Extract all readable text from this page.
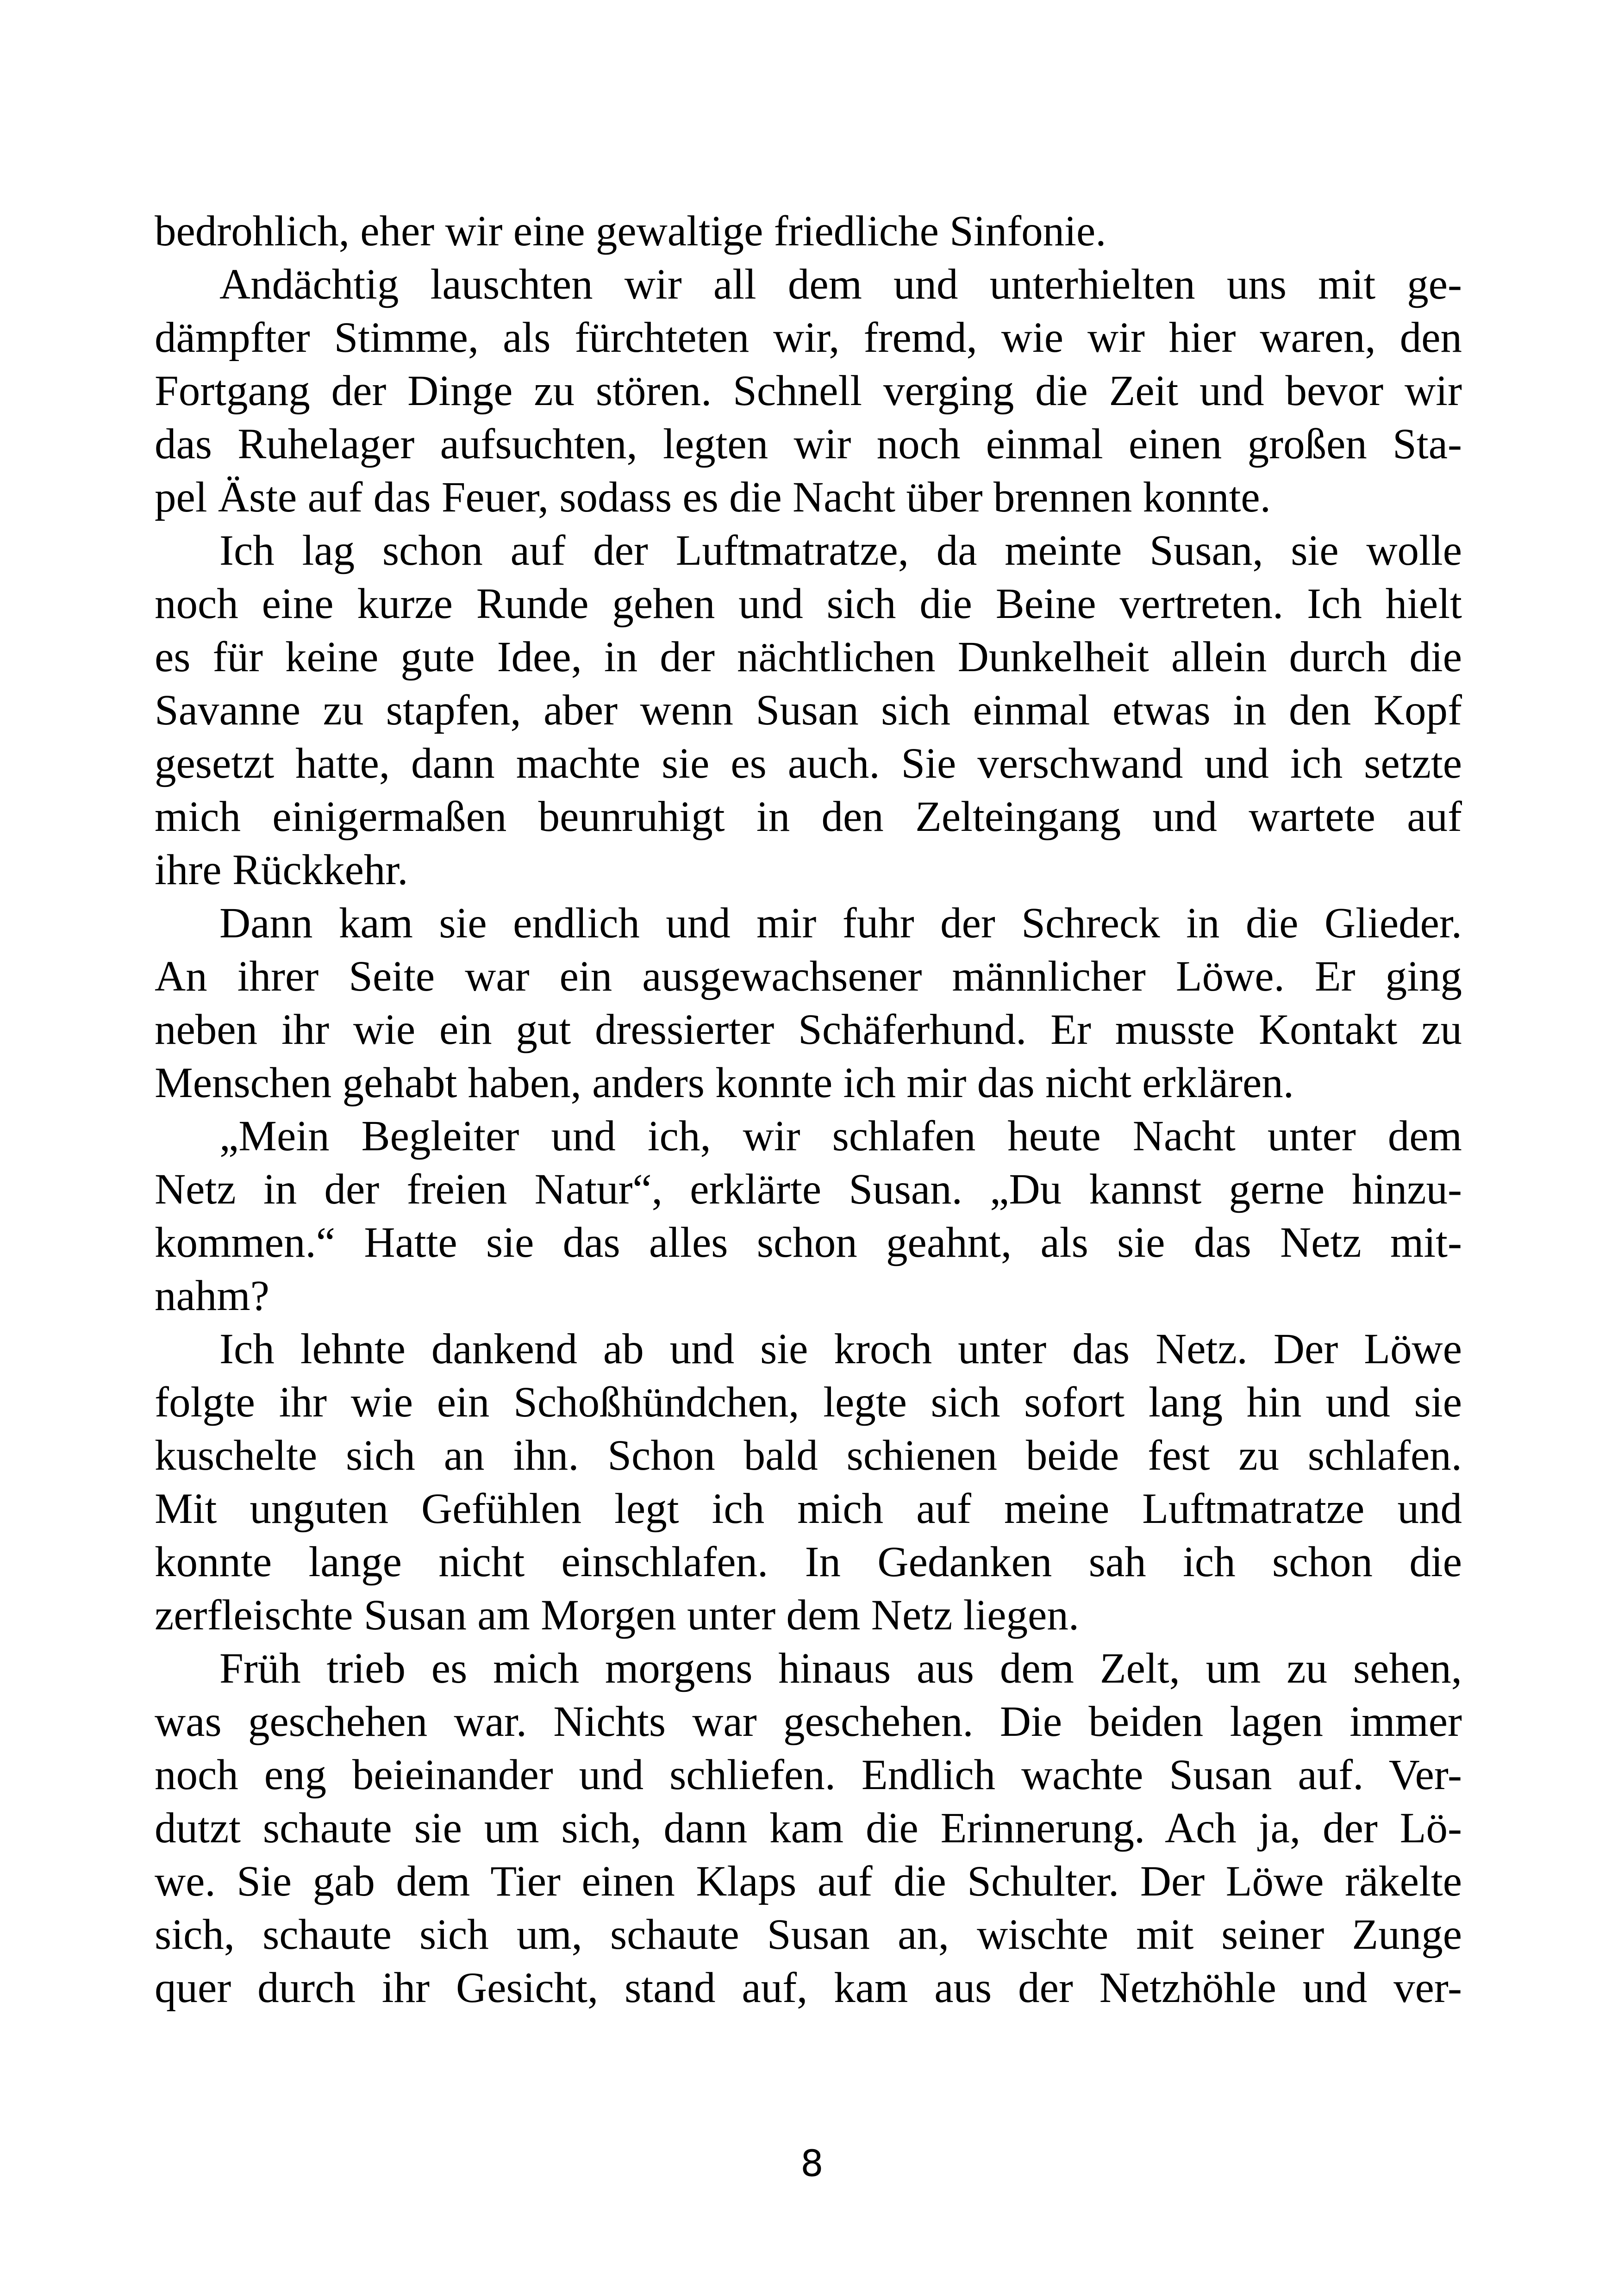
bedrohlich, eher wir eine gewaltige friedliche Sinfonie.
Andächtig lauschten wir all dem und unterhielten uns mit ge-
dämpfter Stimme, als fürchteten wir, fremd, wie wir hier waren, den
Fortgang der Dinge zu stören. Schnell verging die Zeit und bevor wir
das Ruhelager aufsuchten, legten wir noch einmal einen großen Sta-
pel Äste auf das Feuer, sodass es die Nacht über brennen konnte.
Ich lag schon auf der Luftmatratze, da meinte Susan, sie wolle
noch eine kurze Runde gehen und sich die Beine vertreten. Ich hielt
es für keine gute Idee, in der nächtlichen Dunkelheit allein durch die
Savanne zu stapfen, aber wenn Susan sich einmal etwas in den Kopf
gesetzt hatte, dann machte sie es auch. Sie verschwand und ich setzte
mich einigermaßen beunruhigt in den Zelteingang und wartete auf
ihre Rückkehr.
Dann kam sie endlich und mir fuhr der Schreck in die Glieder.
An ihrer Seite war ein ausgewachsener männlicher Löwe. Er ging
neben ihr wie ein gut dressierter Schäferhund. Er musste Kontakt zu
Menschen gehabt haben, anders konnte ich mir das nicht erklären.
„Mein Begleiter und ich, wir schlafen heute Nacht unter dem
Netz in der freien Natur“, erklärte Susan. „Du kannst gerne hinzu-
kommen.“ Hatte sie das alles schon geahnt, als sie das Netz mit-
nahm?
Ich lehnte dankend ab und sie kroch unter das Netz. Der Löwe
folgte ihr wie ein Schoßhündchen, legte sich sofort lang hin und sie
kuschelte sich an ihn. Schon bald schienen beide fest zu schlafen.
Mit unguten Gefühlen legt ich mich auf meine Luftmatratze und
konnte lange nicht einschlafen. In Gedanken sah ich schon die
zerfleischte Susan am Morgen unter dem Netz liegen.
Früh trieb es mich morgens hinaus aus dem Zelt, um zu sehen,
was geschehen war. Nichts war geschehen. Die beiden lagen immer
noch eng beieinander und schliefen. Endlich wachte Susan auf. Ver-
dutzt schaute sie um sich, dann kam die Erinnerung. Ach ja, der Lö-
we. Sie gab dem Tier einen Klaps auf die Schulter. Der Löwe räkelte
sich, schaute sich um, schaute Susan an, wischte mit seiner Zunge
quer durch ihr Gesicht, stand auf, kam aus der Netzhöhle und ver-
8
